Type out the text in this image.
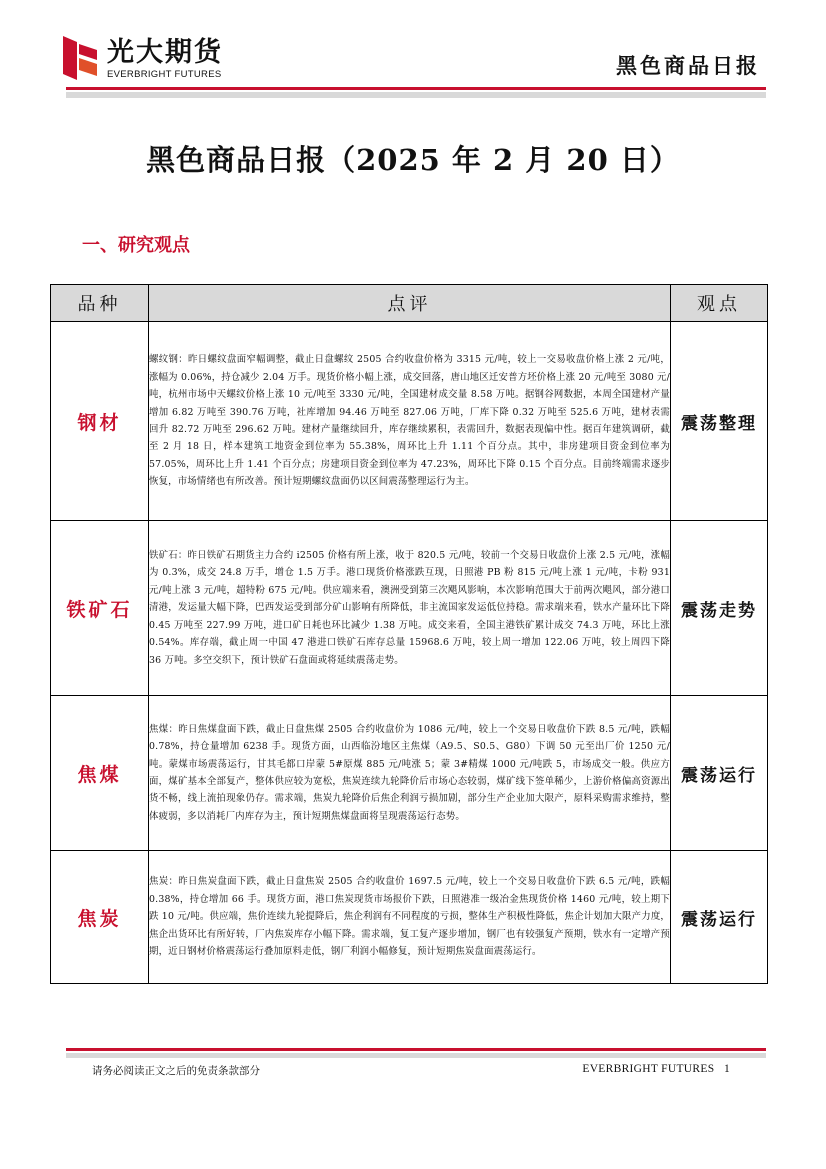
光大期货
EVERBRIGHT FUTURES	黑色商品日报
黑色商品日报（2025 年 2 月 20 日）
一、研究观点
品种	点评	观点
钢材	螺纹钢：昨日螺纹盘面窄幅调整，截止日盘螺纹 2505 合约收盘价格为 3315 元/吨，较上一交易收盘价格上涨 2 元/吨，涨幅为 0.06%，持仓减少 2.04 万手。现货价格小幅上涨，成交回落，唐山地区迁安普方坯价格上涨 20 元/吨至 3080 元/吨，杭州市场中天螺纹价格上涨 10 元/吨至 3330 元/吨，全国建材成交量 8.58 万吨。据钢谷网数据，本周全国建材产量增加 6.82 万吨至 390.76 万吨，社库增加 94.46 万吨至 827.06 万吨，厂库下降 0.32 万吨至 525.6 万吨，建材表需回升 82.72 万吨至 296.62 万吨。建材产量继续回升，库存继续累积，表需回升，数据表现偏中性。据百年建筑调研，截至 2 月 18 日，样本建筑工地资金到位率为 55.38%，周环比上升 1.11 个百分点。其中，非房建项目资金到位率为 57.05%，周环比上升 1.41 个百分点；房建项目资金到位率为 47.23%，周环比下降 0.15 个百分点。目前终端需求逐步恢复，市场情绪也有所改善。预计短期螺纹盘面仍以区间震荡整理运行为主。	震荡整理
铁矿石	铁矿石：昨日铁矿石期货主力合约 i2505 价格有所上涨，收于 820.5 元/吨，较前一个交易日收盘价上涨 2.5 元/吨，涨幅为 0.3%，成交 24.8 万手，增仓 1.5 万手。港口现货价格涨跌互现，日照港 PB 粉 815 元/吨上涨 1 元/吨，卡粉 931 元/吨上涨 3 元/吨，超特粉 675 元/吨。供应端来看，澳洲受到第三次飓风影响，本次影响范围大于前两次飓风，部分港口清港，发运量大幅下降，巴西发运受到部分矿山影响有所降低，非主流国家发运低位持稳。需求端来看，铁水产量环比下降 0.45 万吨至 227.99 万吨，进口矿日耗也环比减少 1.38 万吨。成交来看，全国主港铁矿累计成交 74.3 万吨，环比上涨 0.54%。库存端，截止周一中国 47 港进口铁矿石库存总量 15968.6 万吨，较上周一增加 122.06 万吨，较上周四下降 36 万吨。多空交织下，预计铁矿石盘面或将延续震荡走势。	震荡走势
焦煤	焦煤：昨日焦煤盘面下跌，截止日盘焦煤 2505 合约收盘价为 1086 元/吨，较上一个交易日收盘价下跌 8.5 元/吨，跌幅 0.78%，持仓量增加 6238 手。现货方面，山西临汾地区主焦煤（A9.5、S0.5、G80）下调 50 元至出厂价 1250 元/吨。蒙煤市场震荡运行，甘其毛都口岸蒙 5#原煤 885 元/吨涨 5；蒙 3#精煤 1000 元/吨跌 5，市场成交一般。供应方面，煤矿基本全部复产，整体供应较为宽松，焦炭连续九轮降价后市场心态较弱，煤矿线下签单稀少，上游价格偏高资源出货不畅，线上流拍现象仍存。需求端，焦炭九轮降价后焦企利润亏损加剧，部分生产企业加大限产，原料采购需求维持，整体疲弱，多以消耗厂内库存为主，预计短期焦煤盘面将呈现震荡运行态势。	震荡运行
焦炭	焦炭：昨日焦炭盘面下跌，截止日盘焦炭 2505 合约收盘价 1697.5 元/吨，较上一个交易日收盘价下跌 6.5 元/吨，跌幅 0.38%，持仓增加 66 手。现货方面，港口焦炭现货市场报价下跌，日照港准一级冶金焦现货价格 1460 元/吨，较上期下跌 10 元/吨。供应端，焦价连续九轮提降后，焦企利润有不同程度的亏损，整体生产积极性降低，焦企计划加大限产力度，焦企出货环比有所好转，厂内焦炭库存小幅下降。需求端，复工复产逐步增加，钢厂也有较强复产预期，铁水有一定增产预期，近日钢材价格震荡运行叠加原料走低，钢厂利润小幅修复，预计短期焦炭盘面震荡运行。	震荡运行
请务必阅读正文之后的免责条款部分	EVERBRIGHT FUTURES 1
